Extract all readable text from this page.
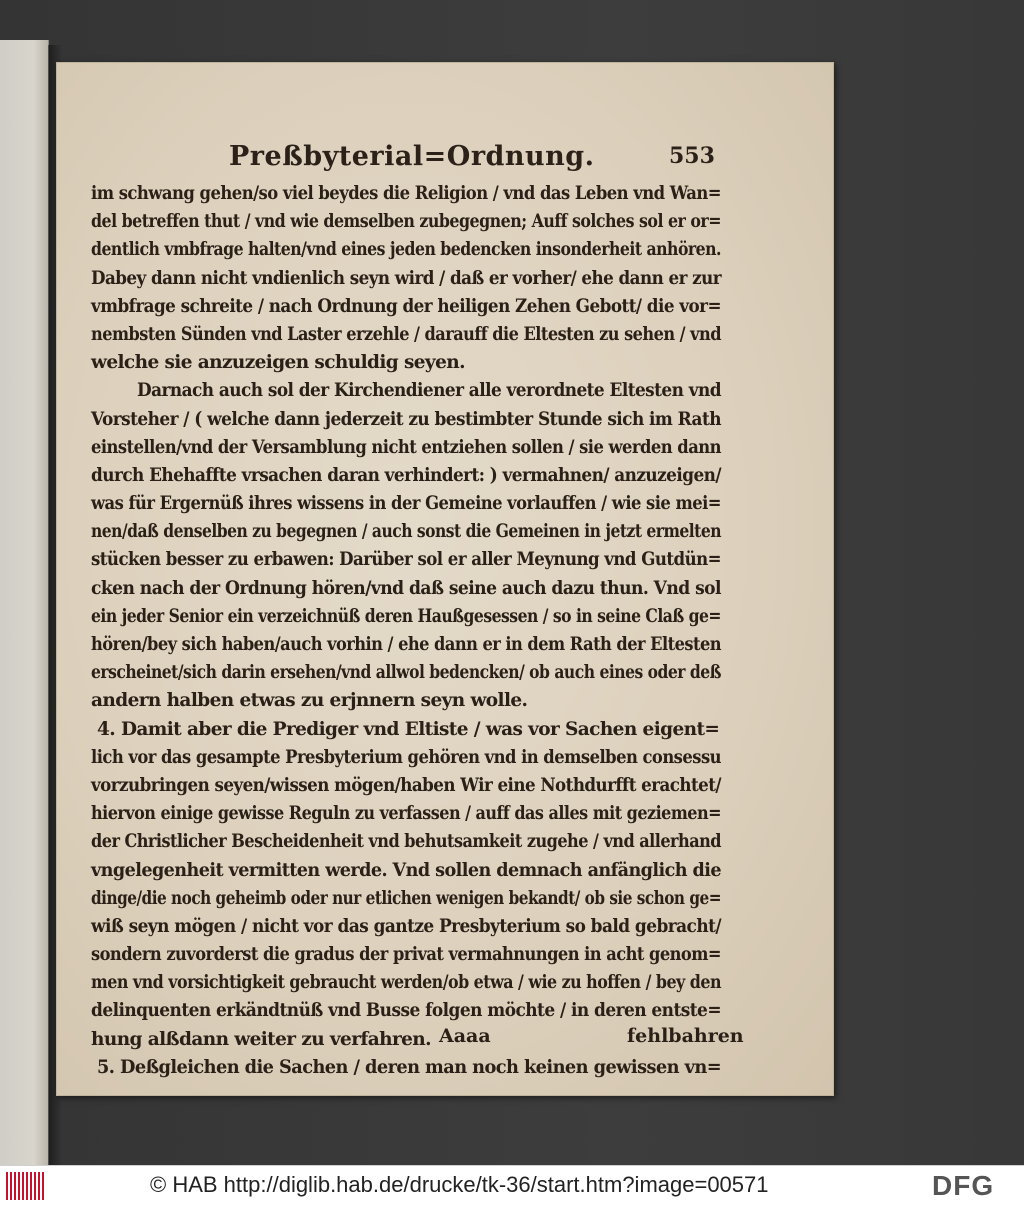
Preßbyterial=Ordnung.	553
im schwang gehen/so viel beydes die Religion / vnd das Leben vnd Wan=
del betreffen thut / vnd wie demselben zubegegnen; Auff solches sol er or=
dentlich vmbfrage halten/vnd eines jeden bedencken insonderheit anhören.
Dabey dann nicht vndienlich seyn wird / daß er vorher/ ehe dann er zur
vmbfrage schreite / nach Ordnung der heiligen Zehen Gebott/ die vor=
nembsten Sünden vnd Laster erzehle / darauff die Eltesten zu sehen / vnd
welche sie anzuzeigen schuldig seyen.
Darnach auch sol der Kirchendiener alle verordnete Eltesten vnd
Vorsteher / ( welche dann jederzeit zu bestimbter Stunde sich im Rath
einstellen/vnd der Versamblung nicht entziehen sollen / sie werden dann
durch Ehehaffte vrsachen daran verhindert: ) vermahnen/ anzuzeigen/
was für Ergernüß ihres wissens in der Gemeine vorlauffen / wie sie mei=
nen/daß denselben zu begegnen / auch sonst die Gemeinen in jetzt ermelten
stücken besser zu erbawen: Darüber sol er aller Meynung vnd Gutdün=
cken nach der Ordnung hören/vnd daß seine auch dazu thun. Vnd sol
ein jeder Senior ein verzeichnüß deren Haußgesessen / so in seine Claß ge=
hören/bey sich haben/auch vorhin / ehe dann er in dem Rath der Eltesten
erscheinet/sich darin ersehen/vnd allwol bedencken/ ob auch eines oder deß
andern halben etwas zu erjnnern seyn wolle.
4. Damit aber die Prediger vnd Eltiste / was vor Sachen eigent=
lich vor das gesampte Presbyterium gehören vnd in demselben consessu
vorzubringen seyen/wissen mögen/haben Wir eine Nothdurfft erachtet/
hiervon einige gewisse Reguln zu verfassen / auff das alles mit geziemen=
der Christlicher Bescheidenheit vnd behutsamkeit zugehe / vnd allerhand
vngelegenheit vermitten werde. Vnd sollen demnach anfänglich die
dinge/die noch geheimb oder nur etlichen wenigen bekandt/ ob sie schon ge=
wiß seyn mögen / nicht vor das gantze Presbyterium so bald gebracht/
sondern zuvorderst die gradus der privat vermahnungen in acht genom=
men vnd vorsichtigkeit gebraucht werden/ob etwa / wie zu hoffen / bey den
delinquenten erkändtnüß vnd Busse folgen möchte / in deren entste=
hung alßdann weiter zu verfahren.
5. Deßgleichen die Sachen / deren man noch keinen gewissen vn=
Aaaa	fehlbahren
© HAB http://diglib.hab.de/drucke/tk-36/start.htm?image=00571	DFG
